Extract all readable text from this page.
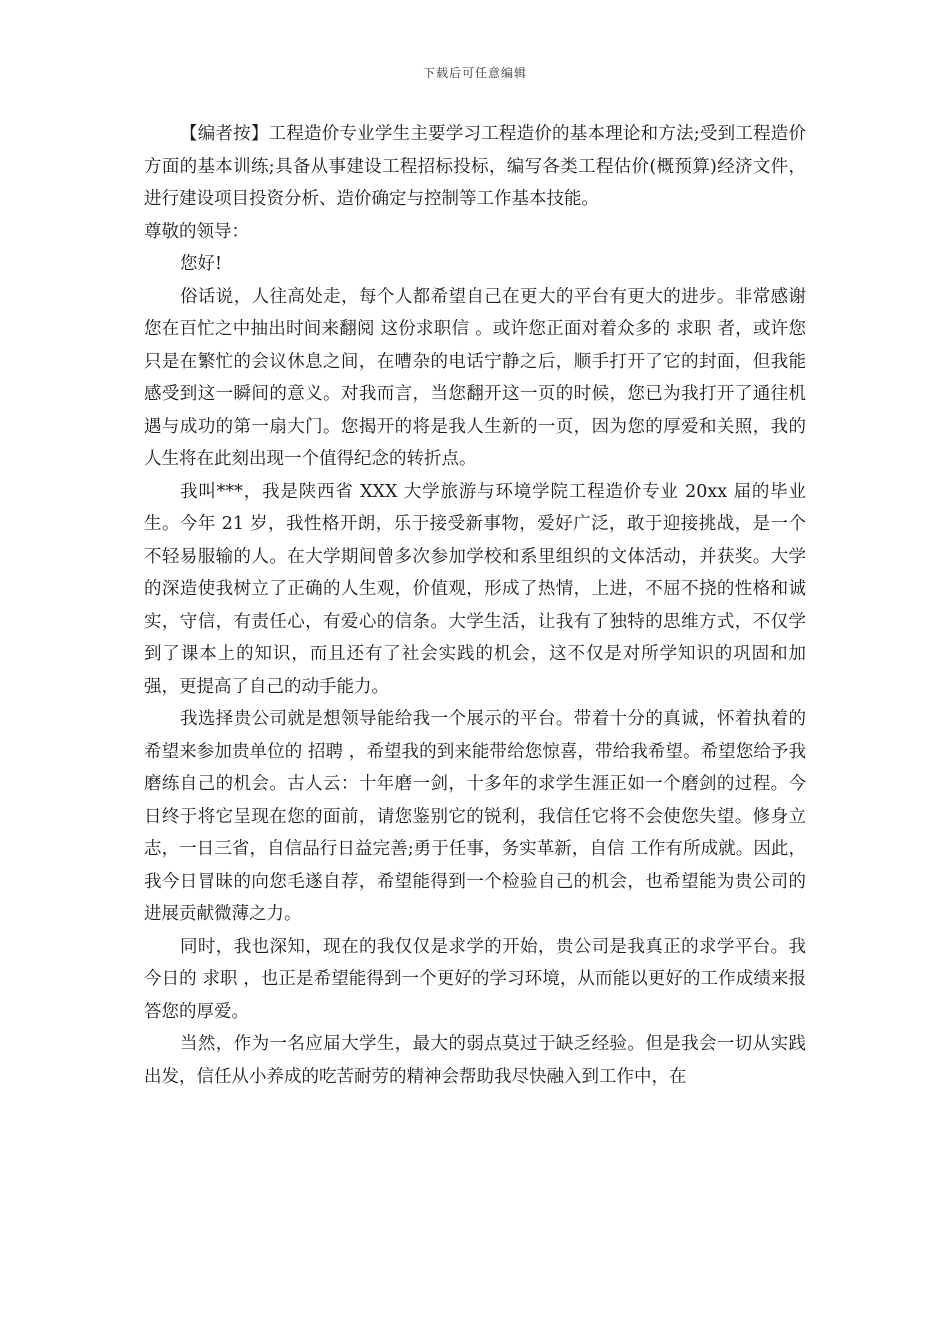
下载后可任意编辑

【编者按】工程造价专业学生主要学习工程造价的基本理论和方法;受到工程造价方面的基本训练;具备从事建设工程招标投标，编写各类工程估价(概预算)经济文件，进行建设项目投资分析、造价确定与控制等工作基本技能。

尊敬的领导：

您好!

俗话说，人往高处走，每个人都希望自己在更大的平台有更大的进步。非常感谢您在百忙之中抽出时间来翻阅 这份求职信 。或许您正面对着众多的 求职 者，或许您只是在繁忙的会议休息之间，在嘈杂的电话宁静之后，顺手打开了它的封面，但我能感受到这一瞬间的意义。对我而言，当您翻开这一页的时候，您已为我打开了通往机遇与成功的第一扇大门。您揭开的将是我人生新的一页，因为您的厚爱和关照，我的人生将在此刻出现一个值得纪念的转折点。

我叫***，我是陕西省 XXX 大学旅游与环境学院工程造价专业 20xx 届的毕业生。今年 21 岁，我性格开朗，乐于接受新事物，爱好广泛，敢于迎接挑战，是一个不轻易服输的人。在大学期间曾多次参加学校和系里组织的文体活动，并获奖。大学的深造使我树立了正确的人生观，价值观，形成了热情，上进，不屈不挠的性格和诚实，守信，有责任心，有爱心的信条。大学生活，让我有了独特的思维方式，不仅学到了课本上的知识，而且还有了社会实践的机会，这不仅是对所学知识的巩固和加强，更提高了自己的动手能力。

我选择贵公司就是想领导能给我一个展示的平台。带着十分的真诚，怀着执着的希望来参加贵单位的 招聘 ，希望我的到来能带给您惊喜，带给我希望。希望您给予我磨练自己的机会。古人云：十年磨一剑，十多年的求学生涯正如一个磨剑的过程。今日终于将它呈现在您的面前，请您鉴别它的锐利，我信任它将不会使您失望。修身立志，一日三省，自信品行日益完善;勇于任事，务实革新，自信 工作有所成就。因此，我今日冒昧的向您毛遂自荐，希望能得到一个检验自己的机会，也希望能为贵公司的进展贡献微薄之力。

同时，我也深知，现在的我仅仅是求学的开始，贵公司是我真正的求学平台。我今日的 求职 ，也正是希望能得到一个更好的学习环境，从而能以更好的工作成绩来报答您的厚爱。

当然，作为一名应届大学生，最大的弱点莫过于缺乏经验。但是我会一切从实践出发，信任从小养成的吃苦耐劳的精神会帮助我尽快融入到工作中，在
